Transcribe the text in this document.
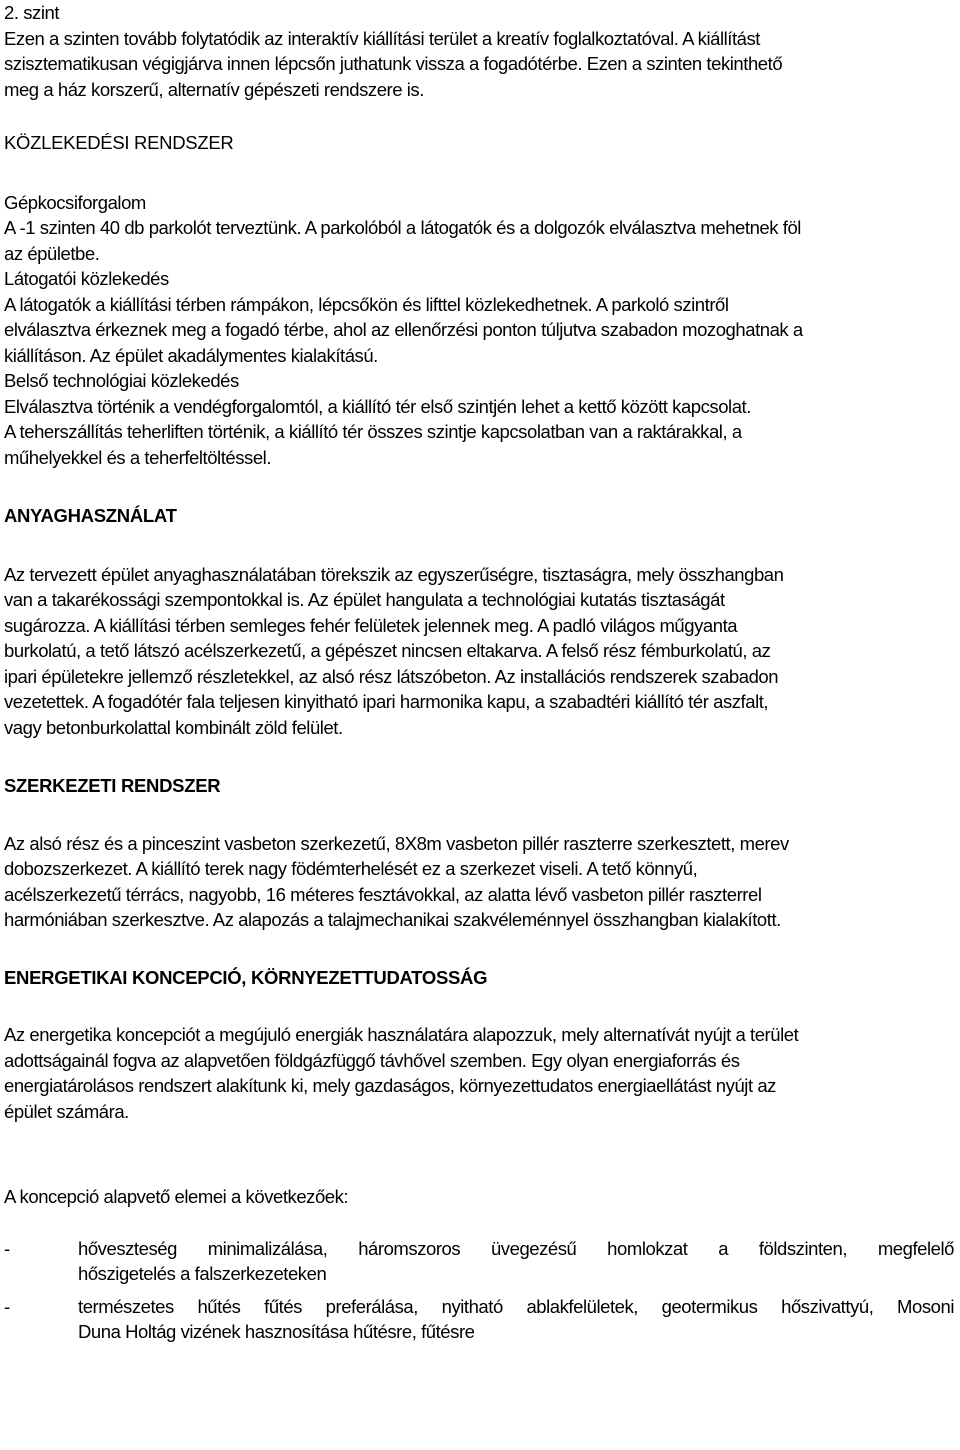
2. szint
Ezen a szinten tovább folytatódik az interaktív kiállítási terület a kreatív foglalkoztatóval. A kiállítást
szisztematikusan végigjárva innen lépcsőn juthatunk vissza a fogadótérbe. Ezen a szinten tekinthető
meg a ház korszerű, alternatív gépészeti rendszere is.
KÖZLEKEDÉSI RENDSZER
Gépkocsiforgalom
A -1 szinten 40 db parkolót terveztünk. A parkolóból a látogatók és a dolgozók elválasztva mehetnek föl
az épületbe.
Látogatói közlekedés
A látogatók a kiállítási térben rámpákon, lépcsőkön és lifttel közlekedhetnek. A parkoló szintről
elválasztva érkeznek meg a fogadó térbe, ahol az ellenőrzési ponton túljutva szabadon mozoghatnak a
kiállításon. Az épület akadálymentes kialakítású.
Belső technológiai közlekedés
Elválasztva történik a vendégforgalomtól, a kiállító tér első szintjén lehet a kettő között kapcsolat.
A teherszállítás teherliften történik, a kiállító tér összes szintje kapcsolatban van a raktárakkal, a
műhelyekkel és a teherfeltöltéssel.
ANYAGHASZNÁLAT
Az tervezett épület anyaghasználatában törekszik az egyszerűségre, tisztaságra, mely összhangban
van a takarékossági szempontokkal is. Az épület hangulata a technológiai kutatás tisztaságát
sugározza. A kiállítási térben semleges fehér felületek jelennek meg. A padló világos műgyanta
burkolatú, a tető látszó acélszerkezetű, a gépészet nincsen eltakarva. A felső rész fémburkolatú, az
ipari épületekre jellemző részletekkel, az alsó rész látszóbeton. Az installációs rendszerek szabadon
vezetettek. A fogadótér fala teljesen kinyitható ipari harmonika kapu, a szabadtéri kiállító tér aszfalt,
vagy betonburkolattal kombinált zöld felület.
SZERKEZETI RENDSZER
Az alsó rész és a pinceszint vasbeton szerkezetű, 8X8m vasbeton pillér raszterre szerkesztett, merev
dobozszerkezet. A kiállító terek nagy födémterhelését ez a szerkezet viseli. A tető könnyű,
acélszerkezetű térrács, nagyobb, 16 méteres fesztávokkal, az alatta lévő vasbeton pillér raszterrel
harmóniában szerkesztve. Az alapozás a talajmechanikai szakvéleménnyel összhangban kialakított.
ENERGETIKAI KONCEPCIÓ, KÖRNYEZETTUDATOSSÁG
Az energetika koncepciót a megújuló energiák használatára alapozzuk, mely alternatívát nyújt a terület
adottságainál fogva az alapvetően földgázfüggő távhővel szemben. Egy olyan energiaforrás és
energiatárolásos rendszert alakítunk ki, mely gazdaságos, környezettudatos energiaellátást nyújt az
épület számára.
A koncepció alapvető elemei a következőek:
-	hőveszteség minimalizálása, háromszoros üvegezésű homlokzat a földszinten, megfelelő
hőszigetelés a falszerkezeteken
-	természetes hűtés fűtés preferálása, nyitható ablakfelületek, geotermikus hőszivattyú, Mosoni
Duna Holtág vizének hasznosítása hűtésre, fűtésre
